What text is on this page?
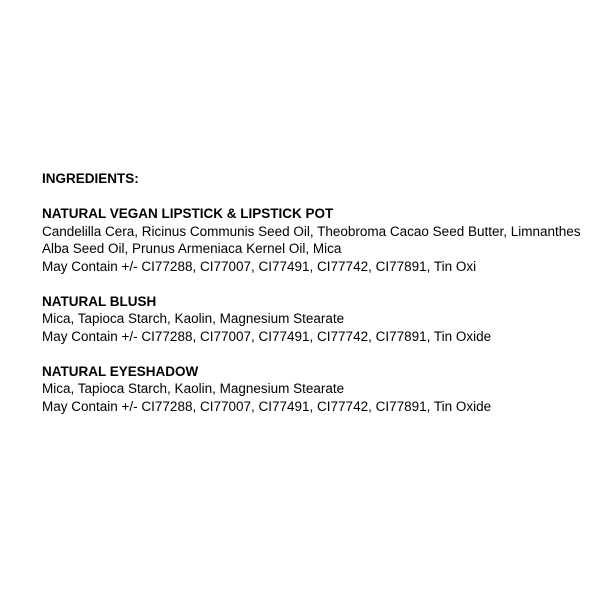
INGREDIENTS:

NATURAL VEGAN LIPSTICK & LIPSTICK POT

Candelilla Cera, Ricinus Communis Seed Oil, Theobroma Cacao Seed Butter, Limnanthes

Alba Seed Oil, Prunus Armeniaca Kernel Oil, Mica

May Contain +/- CI77288, CI77007, CI77491, CI77742, CI77891, Tin Oxi

NATURAL BLUSH

Mica, Tapioca Starch, Kaolin, Magnesium Stearate

May Contain +/- CI77288, CI77007, CI77491, CI77742, CI77891, Tin Oxide

NATURAL EYESHADOW

Mica, Tapioca Starch, Kaolin, Magnesium Stearate

May Contain +/- CI77288, CI77007, CI77491, CI77742, CI77891, Tin Oxide
